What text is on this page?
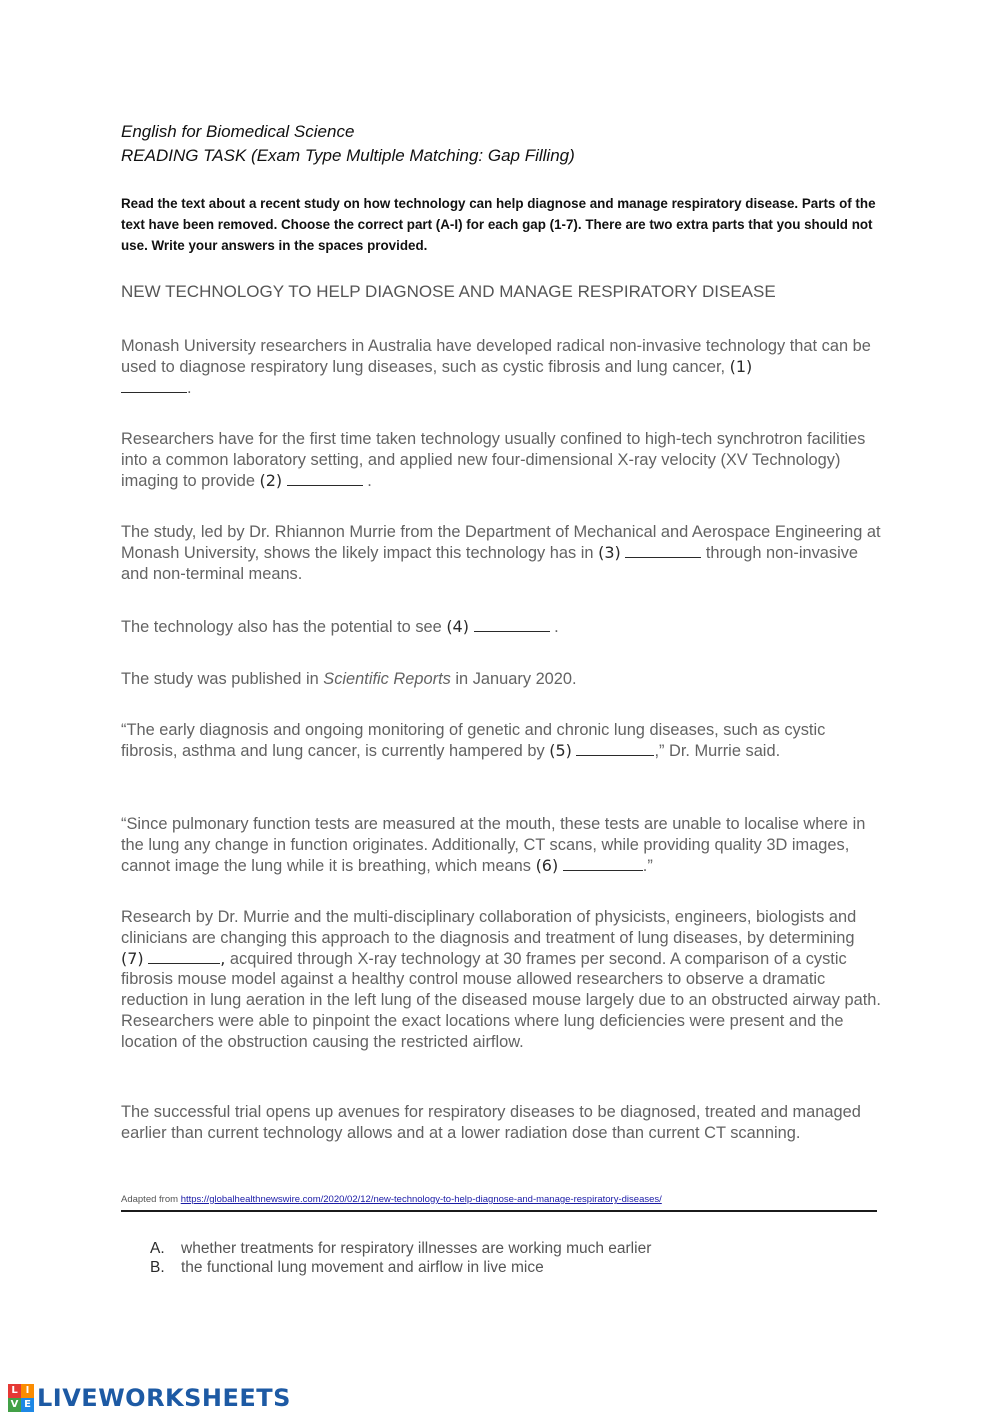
English for Biomedical Science
READING TASK (Exam Type Multiple Matching: Gap Filling)
Read the text about a recent study on how technology can help diagnose and manage respiratory disease. Parts of the text have been removed. Choose the correct part (A-I) for each gap (1-7). There are two extra parts that you should not use. Write your answers in the spaces provided.
NEW TECHNOLOGY TO HELP DIAGNOSE AND MANAGE RESPIRATORY DISEASE
Monash University researchers in Australia have developed radical non-invasive technology that can be used to diagnose respiratory lung diseases, such as cystic fibrosis and lung cancer, (1)
.
Researchers have for the first time taken technology usually confined to high-tech synchrotron facilities into a common laboratory setting, and applied new four-dimensional X-ray velocity (XV Technology) imaging to provide (2)	.
The study, led by Dr. Rhiannon Murrie from the Department of Mechanical and Aerospace Engineering at Monash University, shows the likely impact this technology has in (3)	through non-invasive and non-terminal means.
The technology also has the potential to see (4)	.
The study was published in Scientific Reports in January 2020.
“The early diagnosis and ongoing monitoring of genetic and chronic lung diseases, such as cystic fibrosis, asthma and lung cancer, is currently hampered by (5)	,” Dr. Murrie said.
“Since pulmonary function tests are measured at the mouth, these tests are unable to localise where in the lung any change in function originates. Additionally, CT scans, while providing quality 3D images, cannot image the lung while it is breathing, which means (6)	.”
Research by Dr. Murrie and the multi-disciplinary collaboration of physicists, engineers, biologists and clinicians are changing this approach to the diagnosis and treatment of lung diseases, by determining (7)	, acquired through X-ray technology at 30 frames per second. A comparison of a cystic fibrosis mouse model against a healthy control mouse allowed researchers to observe a dramatic reduction in lung aeration in the left lung of the diseased mouse largely due to an obstructed airway path. Researchers were able to pinpoint the exact locations where lung deficiencies were present and the location of the obstruction causing the restricted airflow.
The successful trial opens up avenues for respiratory diseases to be diagnosed, treated and managed earlier than current technology allows and at a lower radiation dose than current CT scanning.
Adapted from https://globalhealthnewswire.com/2020/02/12/new-technology-to-help-diagnose-and-manage-respiratory-diseases/
A. whether treatments for respiratory illnesses are working much earlier
B. the functional lung movement and airflow in live mice
L I
V E LIVEWORKSHEETS
